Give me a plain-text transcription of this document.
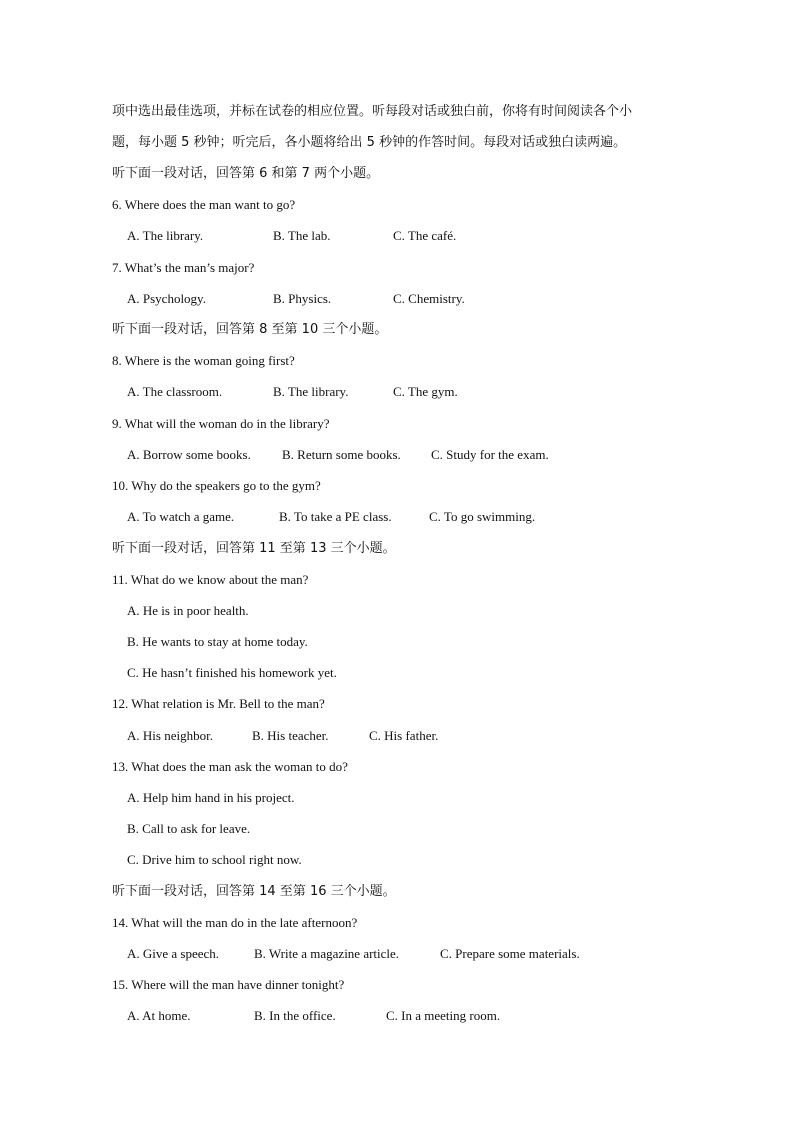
项中选出最佳选项，并标在试卷的相应位置。听每段对话或独白前，你将有时间阅读各个小
题，每小题 5 秒钟；听完后，各小题将给出 5 秒钟的作答时间。每段对话或独白读两遍。
听下面一段对话，回答第 6 和第 7 两个小题。
6. Where does the man want to go?
A. The library.	B. The lab.	C. The café.
7. What’s the man’s major?
A. Psychology.	B. Physics.	C. Chemistry.
听下面一段对话，回答第 8 至第 10 三个小题。
8. Where is the woman going first?
A. The classroom.	B. The library.	C. The gym.
9. What will the woman do in the library?
A. Borrow some books. B. Return some books. C. Study for the exam.
10. Why do the speakers go to the gym?
A. To watch a game.	B. To take a PE class.	C. To go swimming.
听下面一段对话，回答第 11 至第 13 三个小题。
11. What do we know about the man?
A. He is in poor health.
B. He wants to stay at home today.
C. He hasn’t finished his homework yet.
12. What relation is Mr. Bell to the man?
A. His neighbor.	B. His teacher.	C. His father.
13. What does the man ask the woman to do?
A. Help him hand in his project.
B. Call to ask for leave.
C. Drive him to school right now.
听下面一段对话，回答第 14 至第 16 三个小题。
14. What will the man do in the late afternoon?
A. Give a speech.	B. Write a magazine article.	C. Prepare some materials.
15. Where will the man have dinner tonight?
A. At home.	B. In the office.	C. In a meeting room.
